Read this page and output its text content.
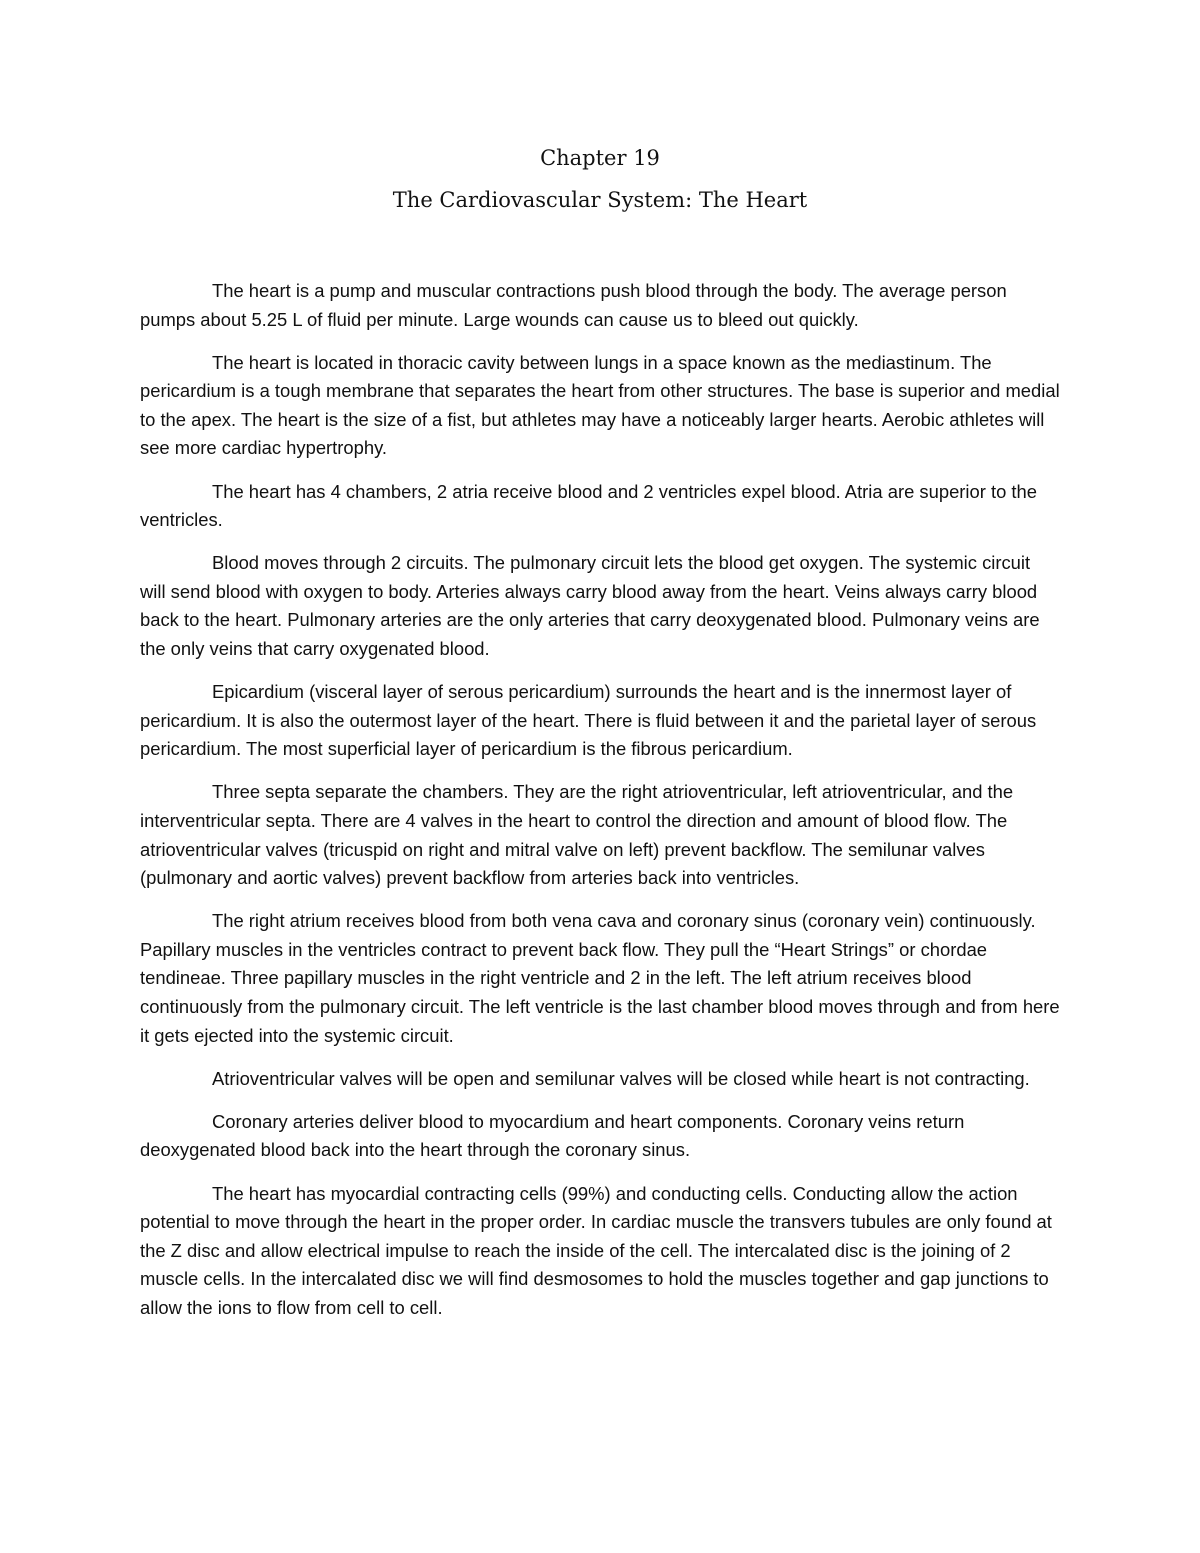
Chapter 19
The Cardiovascular System: The Heart

The heart is a pump and muscular contractions push blood through the body. The average person pumps about 5.25 L of fluid per minute. Large wounds can cause us to bleed out quickly.

The heart is located in thoracic cavity between lungs in a space known as the mediastinum. The pericardium is a tough membrane that separates the heart from other structures. The base is superior and medial to the apex. The heart is the size of a fist, but athletes may have a noticeably larger hearts. Aerobic athletes will see more cardiac hypertrophy.

The heart has 4 chambers, 2 atria receive blood and 2 ventricles expel blood. Atria are superior to the ventricles.

Blood moves through 2 circuits. The pulmonary circuit lets the blood get oxygen. The systemic circuit will send blood with oxygen to body. Arteries always carry blood away from the heart. Veins always carry blood back to the heart. Pulmonary arteries are the only arteries that carry deoxygenated blood. Pulmonary veins are the only veins that carry oxygenated blood.

Epicardium (visceral layer of serous pericardium) surrounds the heart and is the innermost layer of pericardium. It is also the outermost layer of the heart. There is fluid between it and the parietal layer of serous pericardium. The most superficial layer of pericardium is the fibrous pericardium.

Three septa separate the chambers. They are the right atrioventricular, left atrioventricular, and the interventricular septa. There are 4 valves in the heart to control the direction and amount of blood flow. The atrioventricular valves (tricuspid on right and mitral valve on left) prevent backflow. The semilunar valves (pulmonary and aortic valves) prevent backflow from arteries back into ventricles.

The right atrium receives blood from both vena cava and coronary sinus (coronary vein) continuously. Papillary muscles in the ventricles contract to prevent back flow. They pull the “Heart Strings” or chordae tendineae. Three papillary muscles in the right ventricle and 2 in the left. The left atrium receives blood continuously from the pulmonary circuit. The left ventricle is the last chamber blood moves through and from here it gets ejected into the systemic circuit.

Atrioventricular valves will be open and semilunar valves will be closed while heart is not contracting.

Coronary arteries deliver blood to myocardium and heart components. Coronary veins return deoxygenated blood back into the heart through the coronary sinus.

The heart has myocardial contracting cells (99%) and conducting cells. Conducting allow the action potential to move through the heart in the proper order. In cardiac muscle the transvers tubules are only found at the Z disc and allow electrical impulse to reach the inside of the cell. The intercalated disc is the joining of 2 muscle cells. In the intercalated disc we will find desmosomes to hold the muscles together and gap junctions to allow the ions to flow from cell to cell.
